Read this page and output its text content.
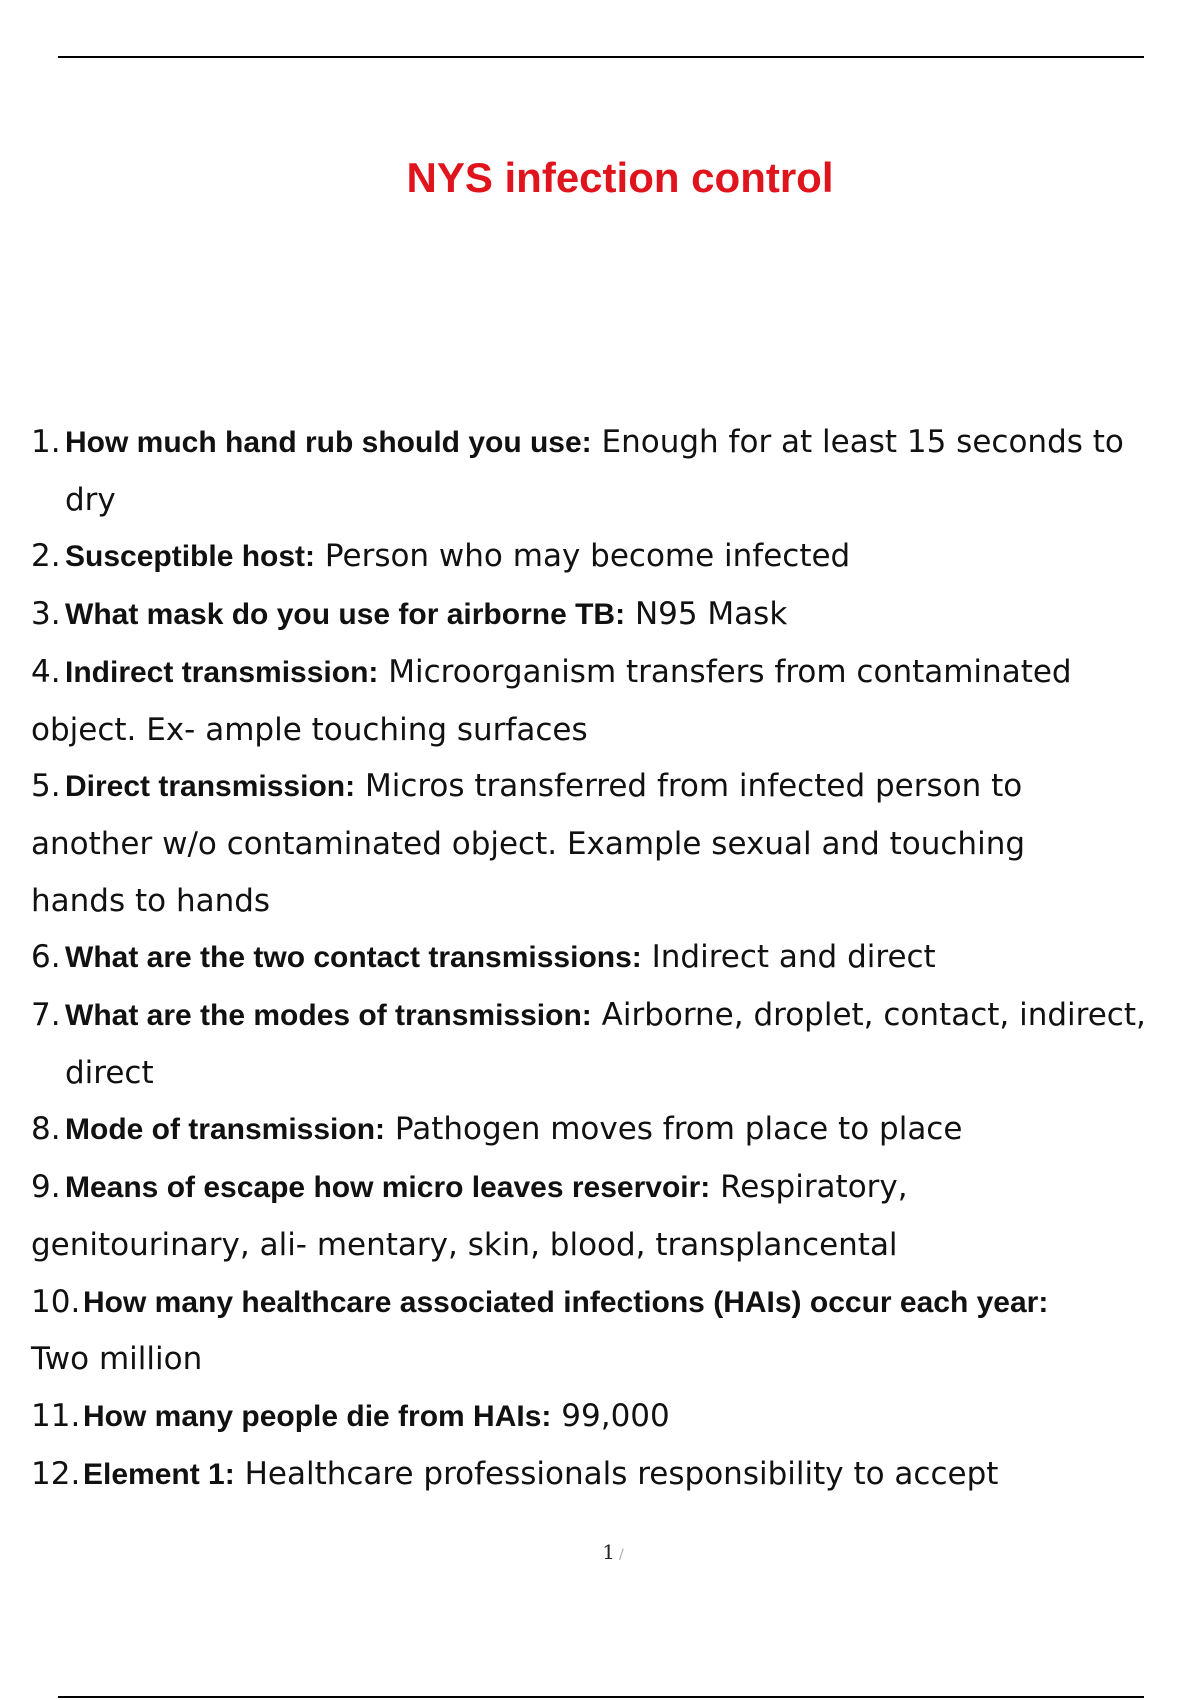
NYS infection control
1. How much hand rub should you use: Enough for at least 15 seconds to
dry
2. Susceptible host: Person who may become infected
3. What mask do you use for airborne TB: N95 Mask
4. Indirect transmission: Microorganism transfers from contaminated
object. Ex- ample touching surfaces
5. Direct transmission: Micros transferred from infected person to
another w/o contaminated object. Example sexual and touching
hands to hands
6. What are the two contact transmissions: Indirect and direct
7. What are the modes of transmission: Airborne, droplet, contact, indirect,
direct
8. Mode of transmission: Pathogen moves from place to place
9. Means of escape how micro leaves reservoir: Respiratory,
genitourinary, ali- mentary, skin, blood, transplancental
10.How many healthcare associated infections (HAIs) occur each year:
Two million
11.How many people die from HAIs: 99,000
12.Element 1: Healthcare professionals responsibility to accept
1 /
